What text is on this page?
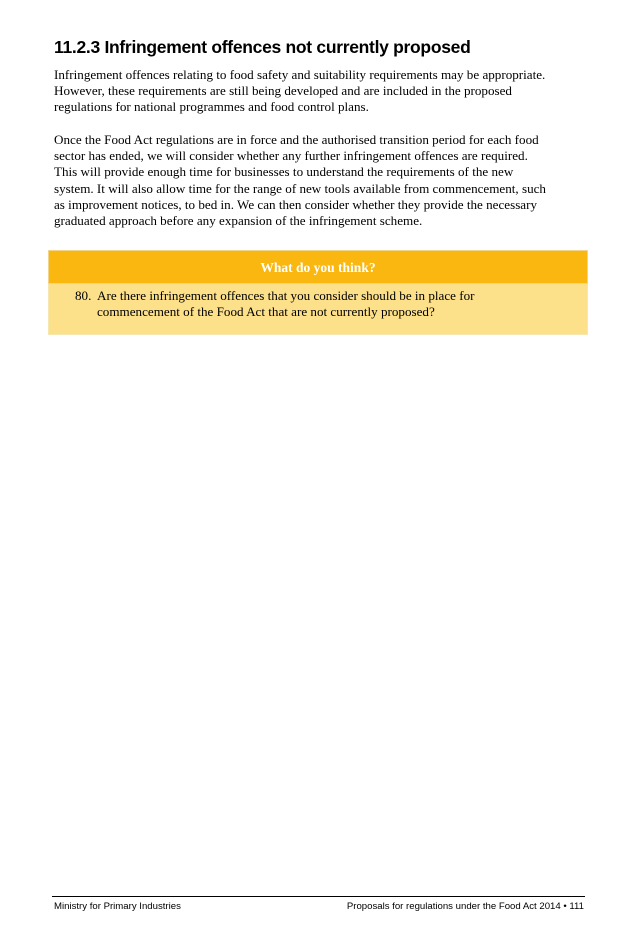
11.2.3 Infringement offences not currently proposed

Infringement offences relating to food safety and suitability requirements may be appropriate.
However, these requirements are still being developed and are included in the proposed
regulations for national programmes and food control plans.

Once the Food Act regulations are in force and the authorised transition period for each food
sector has ended, we will consider whether any further infringement offences are required.
This will provide enough time for businesses to understand the requirements of the new
system. It will also allow time for the range of new tools available from commencement, such
as improvement notices, to bed in. We can then consider whether they provide the necessary
graduated approach before any expansion of the infringement scheme.

What do you think?
80. Are there infringement offences that you consider should be in place for
commencement of the Food Act that are not currently proposed?
Ministry for Primary Industries	Proposals for regulations under the Food Act 2014 • 111
